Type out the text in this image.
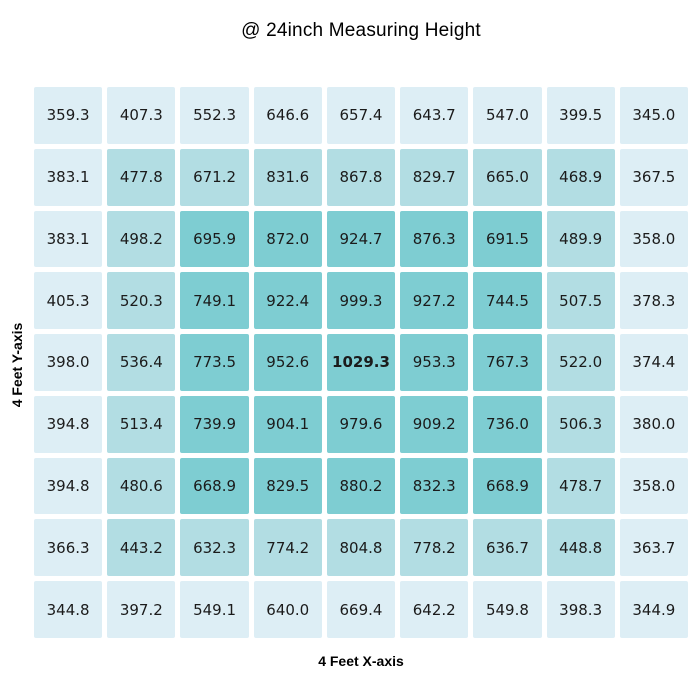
@ 24inch Measuring Height
4 Feet Y-axis
359.3	407.3	552.3	646.6	657.4	643.7	547.0	399.5	345.0
383.1	477.8	671.2	831.6	867.8	829.7	665.0	468.9	367.5
383.1	498.2	695.9	872.0	924.7	876.3	691.5	489.9	358.0
405.3	520.3	749.1	922.4	999.3	927.2	744.5	507.5	378.3
398.0	536.4	773.5	952.6	1029.3	953.3	767.3	522.0	374.4
394.8	513.4	739.9	904.1	979.6	909.2	736.0	506.3	380.0
394.8	480.6	668.9	829.5	880.2	832.3	668.9	478.7	358.0
366.3	443.2	632.3	774.2	804.8	778.2	636.7	448.8	363.7
344.8	397.2	549.1	640.0	669.4	642.2	549.8	398.3	344.9
4 Feet X-axis
